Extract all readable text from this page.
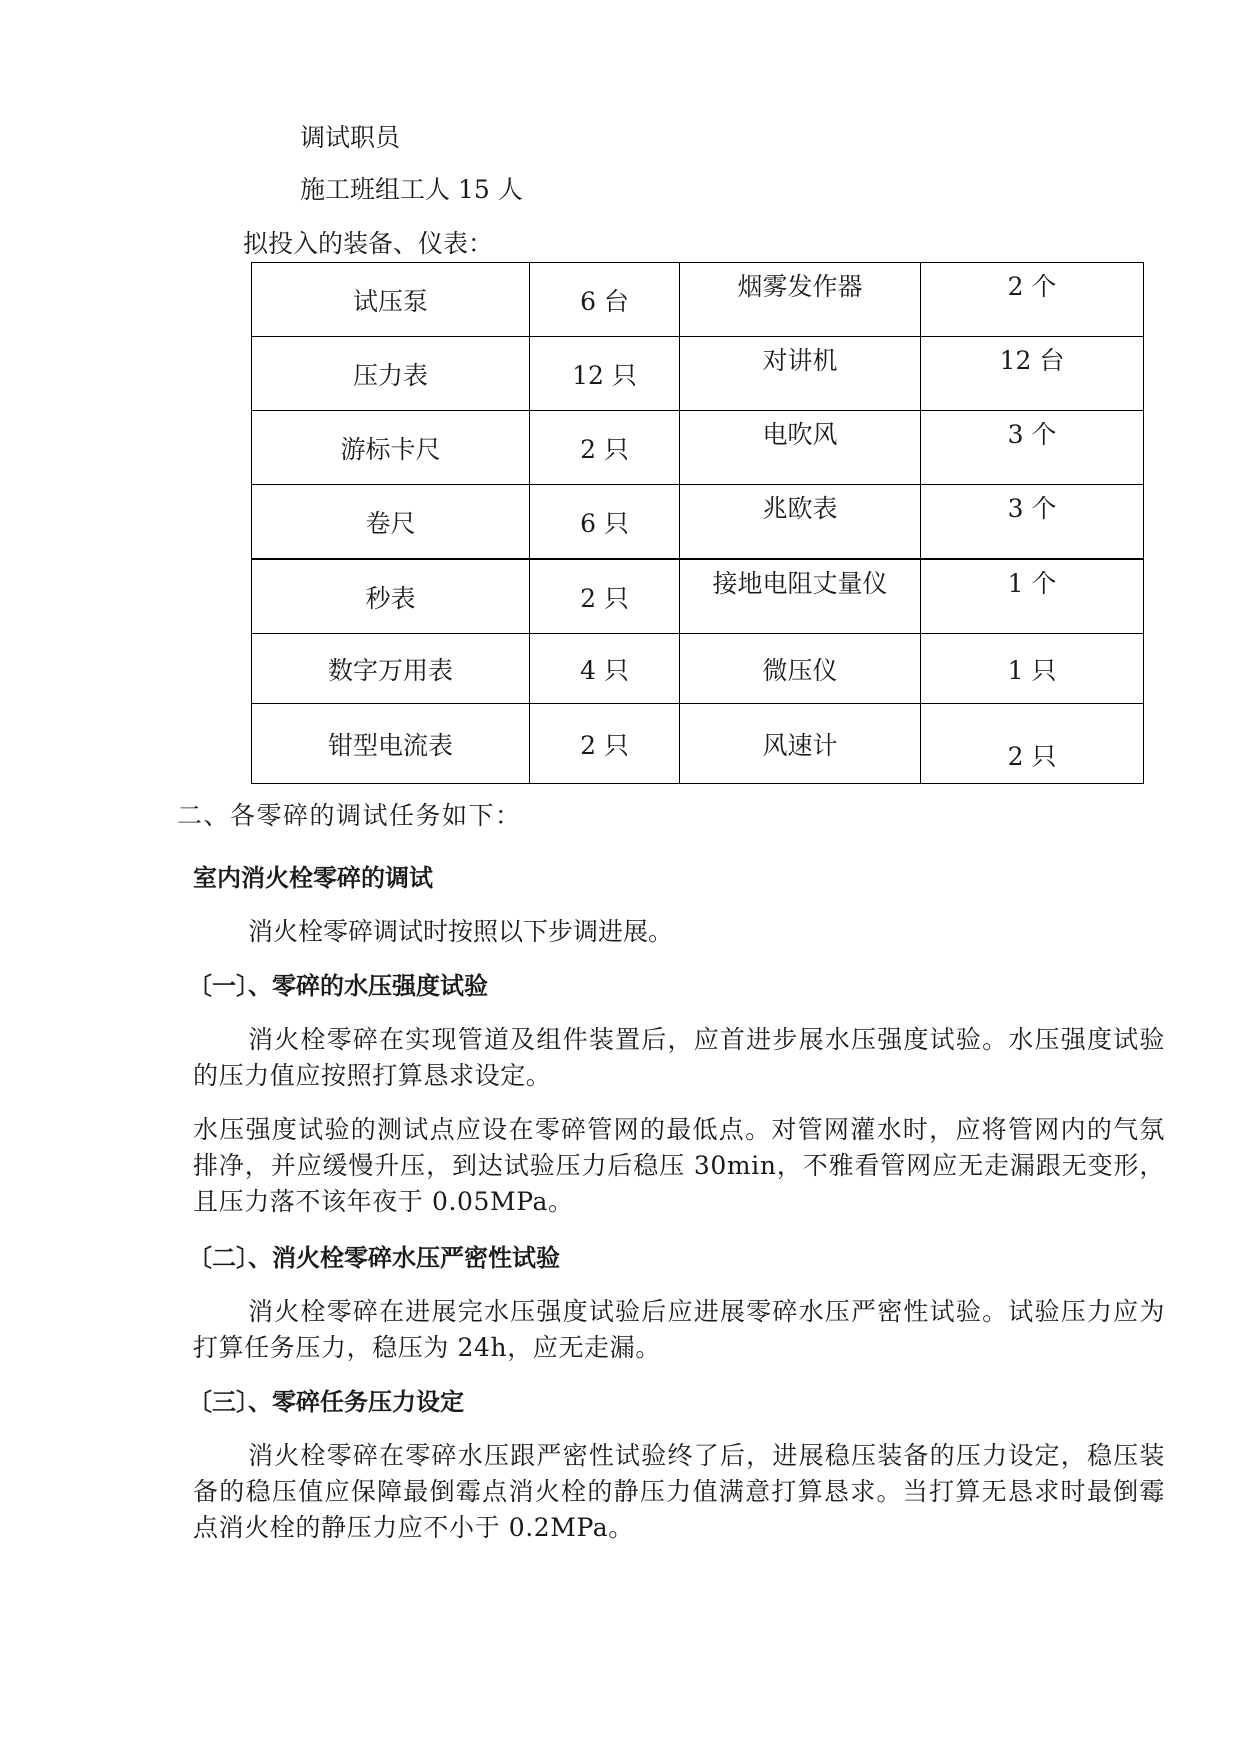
调试职员
施工班组工人 15 人
拟投入的装备、仪表：
试压泵	6 台	烟雾发作器	2 个
压力表	12 只	对讲机	12 台
游标卡尺	2 只	电吹风	3 个
卷尺	6 只	兆欧表	3 个
秒表	2 只	接地电阻丈量仪	1 个
数字万用表	4 只	微压仪	1 只
钳型电流表	2 只	风速计	2 只
二、各零碎的调试任务如下：
室内消火栓零碎的调试
消火栓零碎调试时按照以下步调进展。
〔一〕、零碎的水压强度试验
消火栓零碎在实现管道及组件装置后，应首进步展水压强度试验。水压强度试验的压力值应按照打算恳求设定。
水压强度试验的测试点应设在零碎管网的最低点。对管网灌水时，应将管网内的气氛排净，并应缓慢升压，到达试验压力后稳压 30min，不雅看管网应无走漏跟无变形，且压力落不该年夜于 0.05MPa。
〔二〕、消火栓零碎水压严密性试验
消火栓零碎在进展完水压强度试验后应进展零碎水压严密性试验。试验压力应为打算任务压力，稳压为 24h，应无走漏。
〔三〕、零碎任务压力设定
消火栓零碎在零碎水压跟严密性试验终了后，进展稳压装备的压力设定，稳压装备的稳压值应保障最倒霉点消火栓的静压力值满意打算恳求。当打算无恳求时最倒霉点消火栓的静压力应不小于 0.2MPa。
